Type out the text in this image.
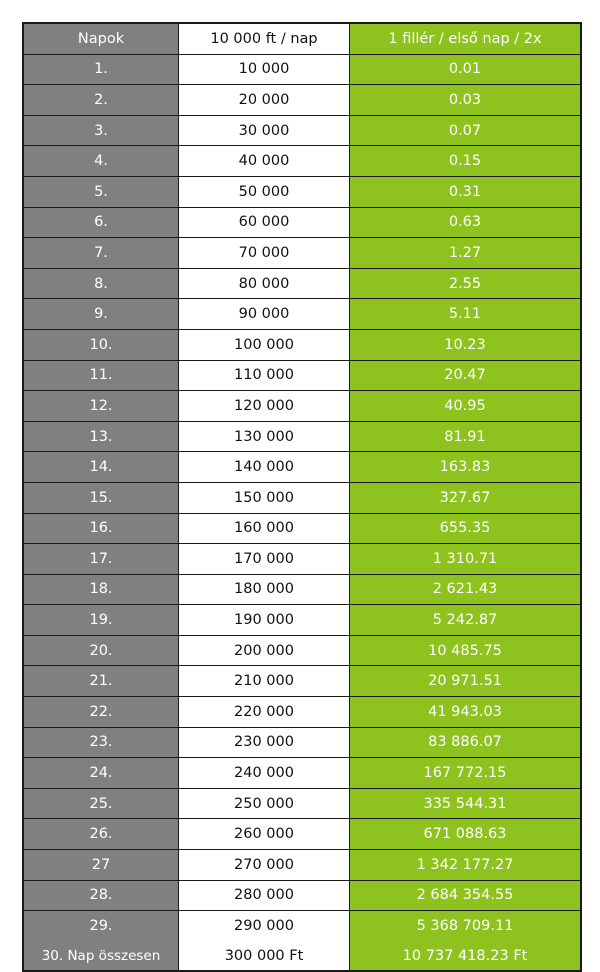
Napok	10 000 ft / nap	1 fillér / első nap / 2x
1.	10 000	0.01
2.	20 000	0.03
3.	30 000	0.07
4.	40 000	0.15
5.	50 000	0.31
6.	60 000	0.63
7.	70 000	1.27
8.	80 000	2.55
9.	90 000	5.11
10.	100 000	10.23
11.	110 000	20.47
12.	120 000	40.95
13.	130 000	81.91
14.	140 000	163.83
15.	150 000	327.67
16.	160 000	655.35
17.	170 000	1 310.71
18.	180 000	2 621.43
19.	190 000	5 242.87
20.	200 000	10 485.75
21.	210 000	20 971.51
22.	220 000	41 943.03
23.	230 000	83 886.07
24.	240 000	167 772.15
25.	250 000	335 544.31
26.	260 000	671 088.63
27	270 000	1 342 177.27
28.	280 000	2 684 354.55
29.	290 000	5 368 709.11
30. Nap összesen	300 000 Ft	10 737 418.23 Ft
